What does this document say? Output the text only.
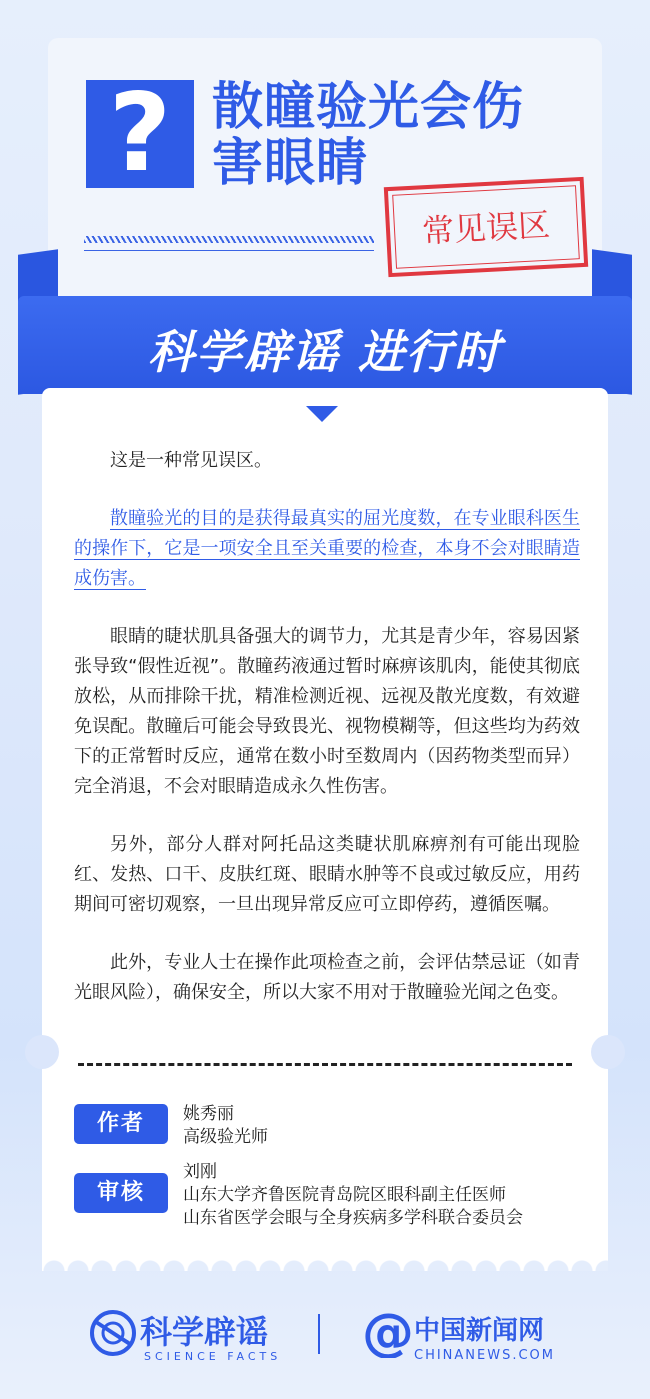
? 散瞳验光会伤
害眼睛
常见误区
科学辟谣 进行时

这是一种常见误区。

散瞳验光的目的是获得最真实的屈光度数，在专业眼科医生的操作下，它是一项安全且至关重要的检查，本身不会对眼睛造成伤害。

眼睛的睫状肌具备强大的调节力，尤其是青少年，容易因紧张导致“假性近视”。散瞳药液通过暂时麻痹该肌肉，能使其彻底放松，从而排除干扰，精准检测近视、远视及散光度数，有效避免误配。散瞳后可能会导致畏光、视物模糊等，但这些均为药效下的正常暂时反应，通常在数小时至数周内（因药物类型而异）完全消退，不会对眼睛造成永久性伤害。

另外，部分人群对阿托品这类睫状肌麻痹剂有可能出现脸红、发热、口干、皮肤红斑、眼睛水肿等不良或过敏反应，用药期间可密切观察，一旦出现异常反应可立即停药，遵循医嘱。

此外，专业人士在操作此项检查之前，会评估禁忌证（如青光眼风险），确保安全，所以大家不用对于散瞳验光闻之色变。

作者	姚秀丽
高级验光师
审核
刘刚
山东大学齐鲁医院青岛院区眼科副主任医师
山东省医学会眼与全身疾病多学科联合委员会
科学辟谣
SCIENCE FACTS @ 中国新闻网
CHINANEWS.COM
